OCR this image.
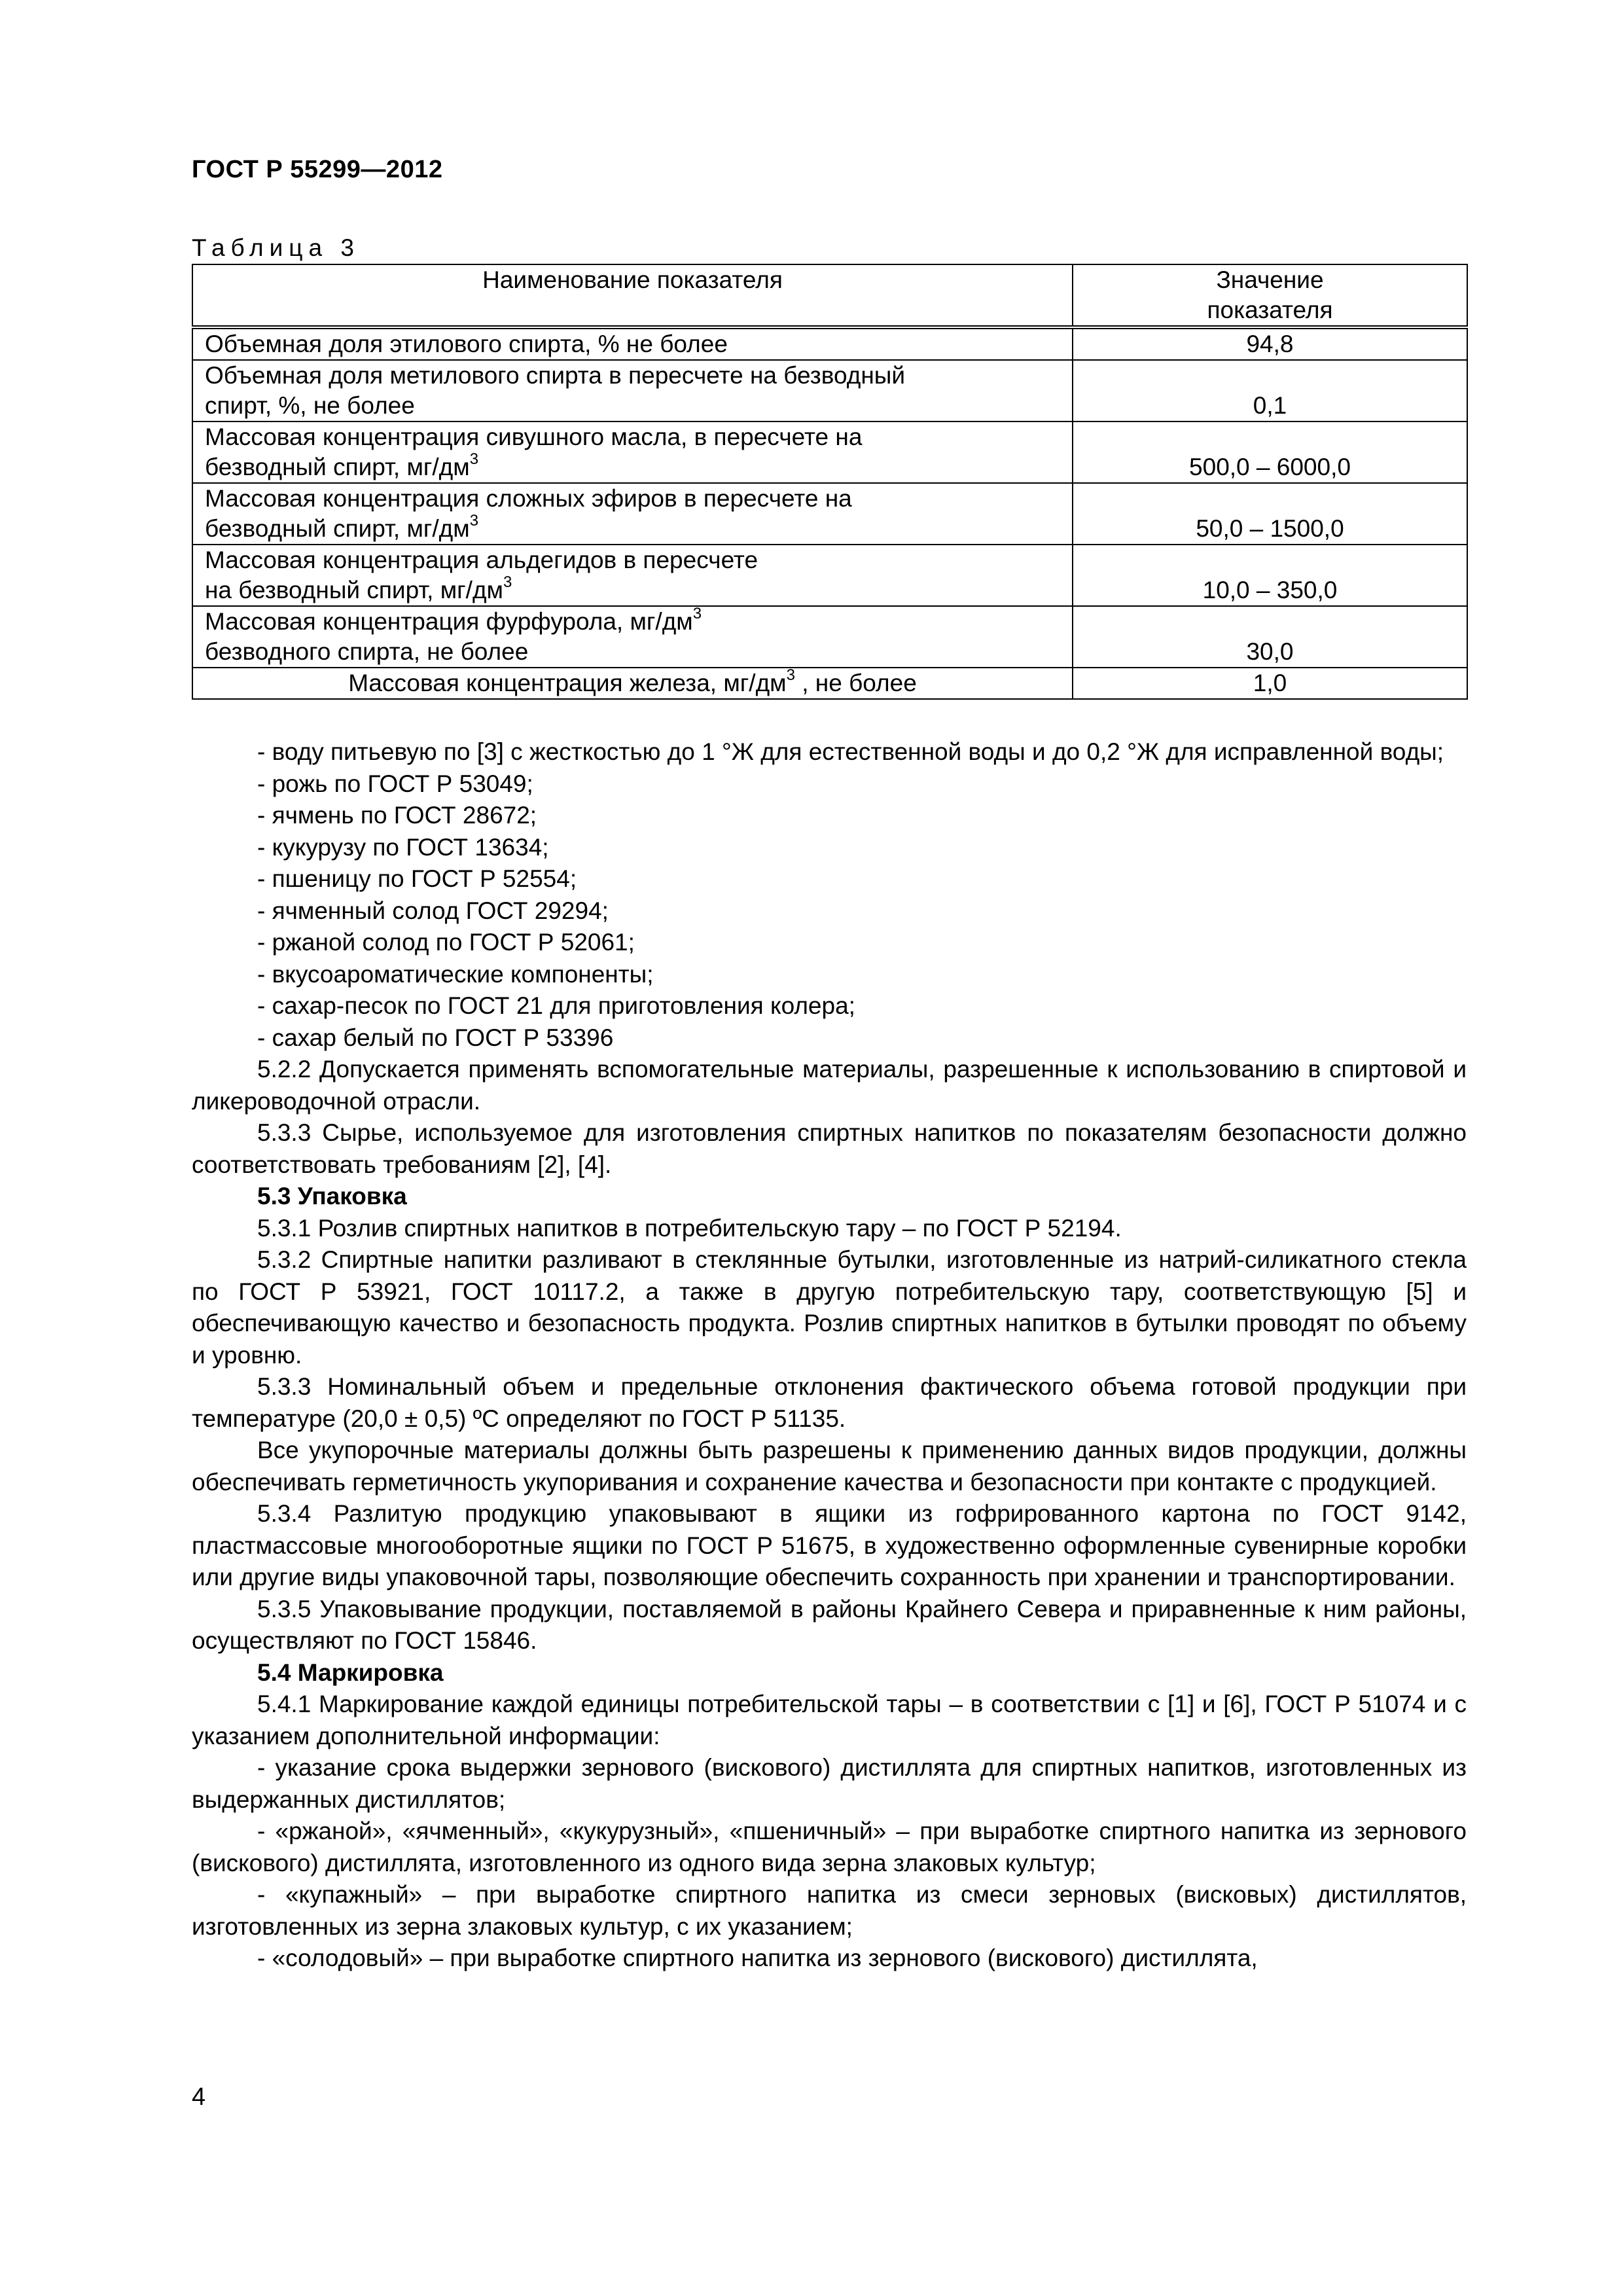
ГОСТ Р 55299—2012
Таблица 3
Наименование показателя	Значение показателя
Объемная доля этилового спирта, % не более	94,8
Объемная доля метилового спирта в пересчете на безводный
спирт, %, не более	0,1
Массовая концентрация сивушного масла, в пересчете на
безводный спирт, $мг/дм^3$	500,0 – 6000,0
Массовая концентрация сложных эфиров в пересчете на
безводный спирт, $мг/дм^3$	50,0 – 1500,0
Массовая концентрация альдегидов в пересчете
на безводный спирт, $мг/дм^3$	10,0 – 350,0
Массовая концентрация фурфурола, $мг/дм^3$
безводного спирта, не более	30,0
Массовая концентрация железа, $мг/дм^3$ , не более	1,0

- воду питьевую по [3] с жесткостью до 1 °Ж для естественной воды и до 0,2 °Ж для исправленной воды;

- рожь по ГОСТ Р 53049;

- ячмень по ГОСТ 28672;

- кукурузу по ГОСТ 13634;

- пшеницу по ГОСТ Р 52554;

- ячменный солод ГОСТ 29294;

- ржаной солод по ГОСТ Р 52061;

- вкусоароматические компоненты;

- сахар-песок по ГОСТ 21 для приготовления колера;

- сахар белый по ГОСТ Р 53396

5.2.2 Допускается применять вспомогательные материалы, разрешенные к использованию в спиртовой и ликероводочной отрасли.

5.3.3 Сырье, используемое для изготовления спиртных напитков по показателям безопасности должно соответствовать требованиям [2], [4].

5.3 Упаковка

5.3.1 Розлив спиртных напитков в потребительскую тару – по ГОСТ Р 52194.

5.3.2 Спиртные напитки разливают в стеклянные бутылки, изготовленные из натрий-силикатного стекла по ГОСТ Р 53921, ГОСТ 10117.2, а также в другую потребительскую тару, соответствующую [5] и обеспечивающую качество и безопасность продукта. Розлив спиртных напитков в бутылки проводят по объему и уровню.

5.3.3 Номинальный объем и предельные отклонения фактического объема готовой продукции при температуре (20,0 ± 0,5) ºС определяют по ГОСТ Р 51135.

Все укупорочные материалы должны быть разрешены к применению данных видов продукции, должны обеспечивать герметичность укупоривания и сохранение качества и безопасности при контакте с продукцией.

5.3.4 Разлитую продукцию упаковывают в ящики из гофрированного картона по ГОСТ 9142, пластмассовые многооборотные ящики по ГОСТ Р 51675, в художественно оформленные сувенирные коробки или другие виды упаковочной тары, позволяющие обеспечить сохранность при хранении и транспортировании.

5.3.5 Упаковывание продукции, поставляемой в районы Крайнего Севера и приравненные к ним районы, осуществляют по ГОСТ 15846.

5.4 Маркировка

5.4.1 Маркирование каждой единицы потребительской тары – в соответствии с [1] и [6], ГОСТ Р 51074 и с указанием дополнительной информации:

- указание срока выдержки зернового (вискового) дистиллята для спиртных напитков, изготовленных из выдержанных дистиллятов;

- «ржаной», «ячменный», «кукурузный», «пшеничный» – при выработке спиртного напитка из зернового (вискового) дистиллята, изготовленного из одного вида зерна злаковых культур;

- «купажный» – при выработке спиртного напитка из смеси зерновых (висковых) дистиллятов, изготовленных из зерна злаковых культур, с их указанием;

- «солодовый» – при выработке спиртного напитка из зернового (вискового) дистиллята,

4
